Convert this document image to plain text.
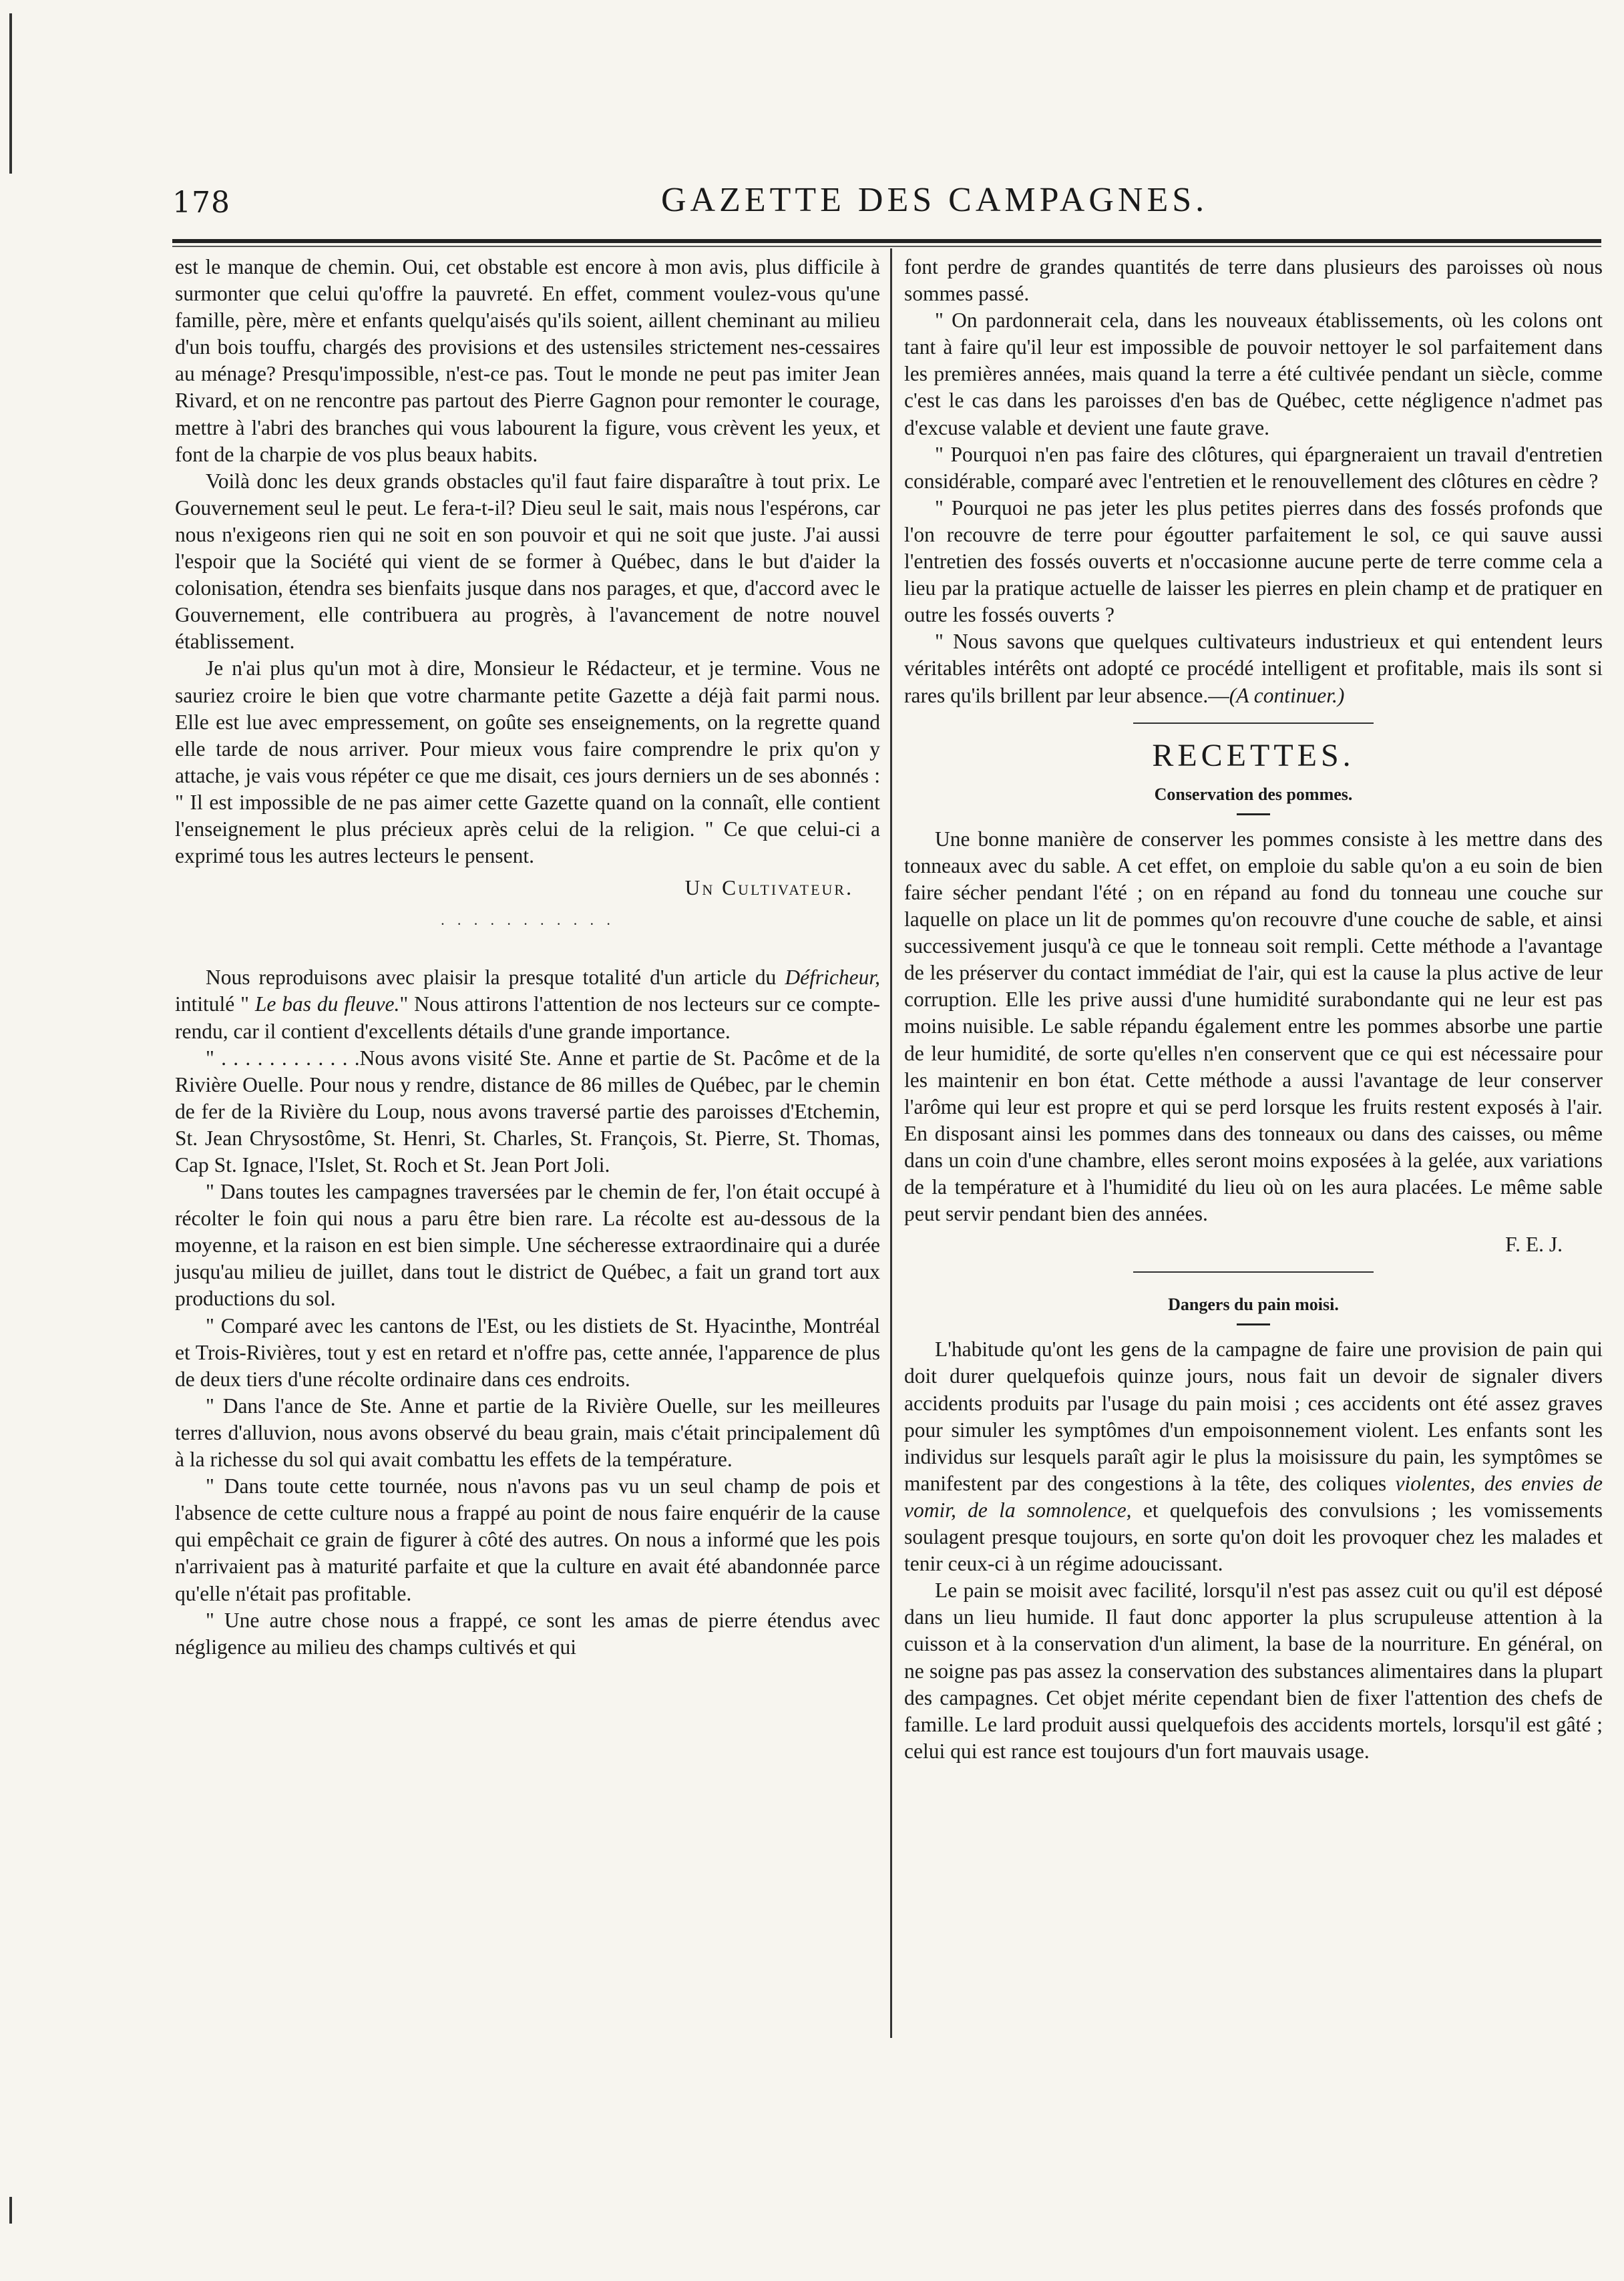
178	GAZETTE DES CAMPAGNES.

est le manque de chemin. Oui, cet obstable est encore à mon avis, plus difficile à surmonter que celui qu'offre la pauvreté. En effet, comment voulez-vous qu'une famille, père, mère et enfants quelqu'aisés qu'ils soient, aillent cheminant au milieu d'un bois touffu, chargés des provisions et des ustensiles strictement nes-cessaires au ménage? Presqu'impossible, n'est-ce pas. Tout le monde ne peut pas imiter Jean Rivard, et on ne rencontre pas partout des Pierre Gagnon pour remonter le courage, mettre à l'abri des branches qui vous labourent la figure, vous crèvent les yeux, et font de la charpie de vos plus beaux habits.

Voilà donc les deux grands obstacles qu'il faut faire disparaître à tout prix. Le Gouvernement seul le peut. Le fera-t-il? Dieu seul le sait, mais nous l'espérons, car nous n'exigeons rien qui ne soit en son pouvoir et qui ne soit que juste. J'ai aussi l'espoir que la Société qui vient de se former à Québec, dans le but d'aider la colonisation, étendra ses bienfaits jusque dans nos parages, et que, d'accord avec le Gouvernement, elle contribuera au progrès, à l'avancement de notre nouvel établissement.

Je n'ai plus qu'un mot à dire, Monsieur le Rédacteur, et je termine. Vous ne sauriez croire le bien que votre charmante petite Gazette a déjà fait parmi nous. Elle est lue avec empressement, on goûte ses enseignements, on la regrette quand elle tarde de nous arriver. Pour mieux vous faire comprendre le prix qu'on y attache, je vais vous répéter ce que me disait, ces jours derniers un de ses abonnés : " Il est impossible de ne pas aimer cette Gazette quand on la connaît, elle contient l'enseignement le plus précieux après celui de la religion. " Ce que celui-ci a exprimé tous les autres lecteurs le pensent.

Un Cultivateur.

· · · · · · · · · · ·

Nous reproduisons avec plaisir la presque totalité d'un article du Défricheur, intitulé " Le bas du fleuve." Nous attirons l'attention de nos lecteurs sur ce compte-rendu, car il contient d'excellents détails d'une grande importance.

" . . . . . . . . . . . .Nous avons visité Ste. Anne et partie de St. Pacôme et de la Rivière Ouelle. Pour nous y rendre, distance de 86 milles de Québec, par le chemin de fer de la Rivière du Loup, nous avons traversé partie des paroisses d'Etchemin, St. Jean Chrysostôme, St. Henri, St. Charles, St. François, St. Pierre, St. Thomas, Cap St. Ignace, l'Islet, St. Roch et St. Jean Port Joli.

" Dans toutes les campagnes traversées par le chemin de fer, l'on était occupé à récolter le foin qui nous a paru être bien rare. La récolte est au-dessous de la moyenne, et la raison en est bien simple. Une sécheresse extraordinaire qui a durée jusqu'au milieu de juillet, dans tout le district de Québec, a fait un grand tort aux productions du sol.

" Comparé avec les cantons de l'Est, ou les distiets de St. Hyacinthe, Montréal et Trois-Rivières, tout y est en retard et n'offre pas, cette année, l'apparence de plus de deux tiers d'une récolte ordinaire dans ces endroits.

" Dans l'ance de Ste. Anne et partie de la Rivière Ouelle, sur les meilleures terres d'alluvion, nous avons observé du beau grain, mais c'était principalement dû à la richesse du sol qui avait combattu les effets de la température.

" Dans toute cette tournée, nous n'avons pas vu un seul champ de pois et l'absence de cette culture nous a frappé au point de nous faire enquérir de la cause qui empêchait ce grain de figurer à côté des autres. On nous a informé que les pois n'arrivaient pas à maturité parfaite et que la culture en avait été abandonnée parce qu'elle n'était pas profitable.

" Une autre chose nous a frappé, ce sont les amas de pierre étendus avec négligence au milieu des champs cultivés et qui

font perdre de grandes quantités de terre dans plusieurs des paroisses où nous sommes passé.

" On pardonnerait cela, dans les nouveaux établissements, où les colons ont tant à faire qu'il leur est impossible de pouvoir nettoyer le sol parfaitement dans les premières années, mais quand la terre a été cultivée pendant un siècle, comme c'est le cas dans les paroisses d'en bas de Québec, cette négligence n'admet pas d'excuse valable et devient une faute grave.

" Pourquoi n'en pas faire des clôtures, qui épargneraient un travail d'entretien considérable, comparé avec l'entretien et le renouvellement des clôtures en cèdre ?

" Pourquoi ne pas jeter les plus petites pierres dans des fossés profonds que l'on recouvre de terre pour égoutter parfaitement le sol, ce qui sauve aussi l'entretien des fossés ouverts et n'occasionne aucune perte de terre comme cela a lieu par la pratique actuelle de laisser les pierres en plein champ et de pratiquer en outre les fossés ouverts ?

" Nous savons que quelques cultivateurs industrieux et qui entendent leurs véritables intérêts ont adopté ce procédé intelligent et profitable, mais ils sont si rares qu'ils brillent par leur absence.—(A continuer.)

RECETTES.
Conservation des pommes.

Une bonne manière de conserver les pommes consiste à les mettre dans des tonneaux avec du sable. A cet effet, on emploie du sable qu'on a eu soin de bien faire sécher pendant l'été ; on en répand au fond du tonneau une couche sur laquelle on place un lit de pommes qu'on recouvre d'une couche de sable, et ainsi successivement jusqu'à ce que le tonneau soit rempli. Cette méthode a l'avantage de les préserver du contact immédiat de l'air, qui est la cause la plus active de leur corruption. Elle les prive aussi d'une humidité surabondante qui ne leur est pas moins nuisible. Le sable répandu également entre les pommes absorbe une partie de leur humidité, de sorte qu'elles n'en conservent que ce qui est nécessaire pour les maintenir en bon état. Cette méthode a aussi l'avantage de leur conserver l'arôme qui leur est propre et qui se perd lorsque les fruits restent exposés à l'air. En disposant ainsi les pommes dans des tonneaux ou dans des caisses, ou même dans un coin d'une chambre, elles seront moins exposées à la gelée, aux variations de la température et à l'humidité du lieu où on les aura placées. Le même sable peut servir pendant bien des années.

F. E. J.

Dangers du pain moisi.

L'habitude qu'ont les gens de la campagne de faire une provision de pain qui doit durer quelquefois quinze jours, nous fait un devoir de signaler divers accidents produits par l'usage du pain moisi ; ces accidents ont été assez graves pour simuler les symptômes d'un empoisonnement violent. Les enfants sont les individus sur lesquels paraît agir le plus la moisissure du pain, les symptômes se manifestent par des congestions à la tête, des coliques violentes, des envies de vomir, de la somnolence, et quelquefois des convulsions ; les vomissements soulagent presque toujours, en sorte qu'on doit les provoquer chez les malades et tenir ceux-ci à un régime adoucissant.

Le pain se moisit avec facilité, lorsqu'il n'est pas assez cuit ou qu'il est déposé dans un lieu humide. Il faut donc apporter la plus scrupuleuse attention à la cuisson et à la conservation d'un aliment, la base de la nourriture. En général, on ne soigne pas pas assez la conservation des substances alimentaires dans la plupart des campagnes. Cet objet mérite cependant bien de fixer l'attention des chefs de famille. Le lard produit aussi quelquefois des accidents mortels, lorsqu'il est gâté ; celui qui est rance est toujours d'un fort mauvais usage.
